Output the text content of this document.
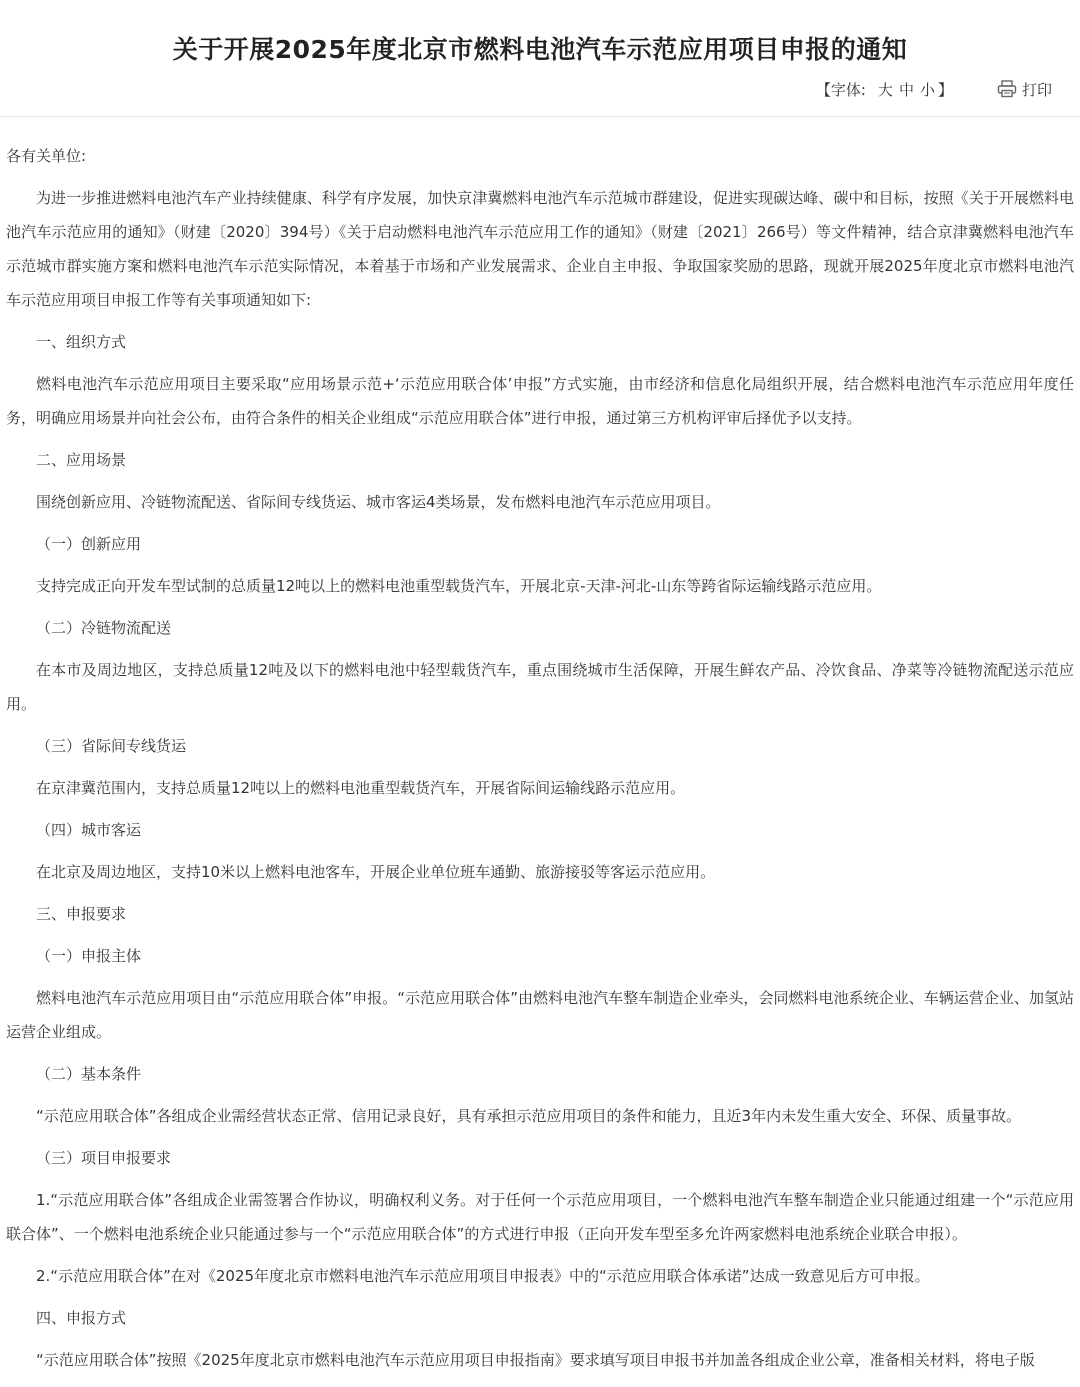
关于开展2025年度北京市燃料电池汽车示范应用项目申报的通知
【字体: 大 中 小 】	打印

各有关单位:

为进一步推进燃料电池汽车产业持续健康、科学有序发展，加快京津冀燃料电池汽车示范城市群建设，促进实现碳达峰、碳中和目标，按照《关于开展燃料电池汽车示范应用的通知》（财建〔2020〕394号）《关于启动燃料电池汽车示范应用工作的通知》（财建〔2021〕266号）等文件精神，结合京津冀燃料电池汽车示范城市群实施方案和燃料电池汽车示范实际情况，本着基于市场和产业发展需求、企业自主申报、争取国家奖励的思路，现就开展2025年度北京市燃料电池汽车示范应用项目申报工作等有关事项通知如下:

一、组织方式

燃料电池汽车示范应用项目主要采取“应用场景示范+‘示范应用联合体’申报”方式实施，由市经济和信息化局组织开展，结合燃料电池汽车示范应用年度任务，明确应用场景并向社会公布，由符合条件的相关企业组成“示范应用联合体”进行申报，通过第三方机构评审后择优予以支持。

二、应用场景

围绕创新应用、冷链物流配送、省际间专线货运、城市客运4类场景，发布燃料电池汽车示范应用项目。

（一）创新应用

支持完成正向开发车型试制的总质量12吨以上的燃料电池重型载货汽车，开展北京-天津-河北-山东等跨省际运输线路示范应用。

（二）冷链物流配送

在本市及周边地区，支持总质量12吨及以下的燃料电池中轻型载货汽车，重点围绕城市生活保障，开展生鲜农产品、冷饮食品、净菜等冷链物流配送示范应用。

（三）省际间专线货运

在京津冀范围内，支持总质量12吨以上的燃料电池重型载货汽车，开展省际间运输线路示范应用。

（四）城市客运

在北京及周边地区，支持10米以上燃料电池客车，开展企业单位班车通勤、旅游接驳等客运示范应用。

三、申报要求

（一）申报主体

燃料电池汽车示范应用项目由“示范应用联合体”申报。“示范应用联合体”由燃料电池汽车整车制造企业牵头，会同燃料电池系统企业、车辆运营企业、加氢站运营企业组成。

（二）基本条件

“示范应用联合体”各组成企业需经营状态正常、信用记录良好，具有承担示范应用项目的条件和能力，且近3年内未发生重大安全、环保、质量事故。

（三）项目申报要求

1.“示范应用联合体”各组成企业需签署合作协议，明确权利义务。对于任何一个示范应用项目，一个燃料电池汽车整车制造企业只能通过组建一个“示范应用联合体”、一个燃料电池系统企业只能通过参与一个“示范应用联合体”的方式进行申报（正向开发车型至多允许两家燃料电池系统企业联合申报）。

2.“示范应用联合体”在对《2025年度北京市燃料电池汽车示范应用项目申报表》中的“示范应用联合体承诺”达成一致意见后方可申报。

四、申报方式

“示范应用联合体”按照《2025年度北京市燃料电池汽车示范应用项目申报指南》要求填写项目申报书并加盖各组成企业公章，准备相关材料，将电子版
